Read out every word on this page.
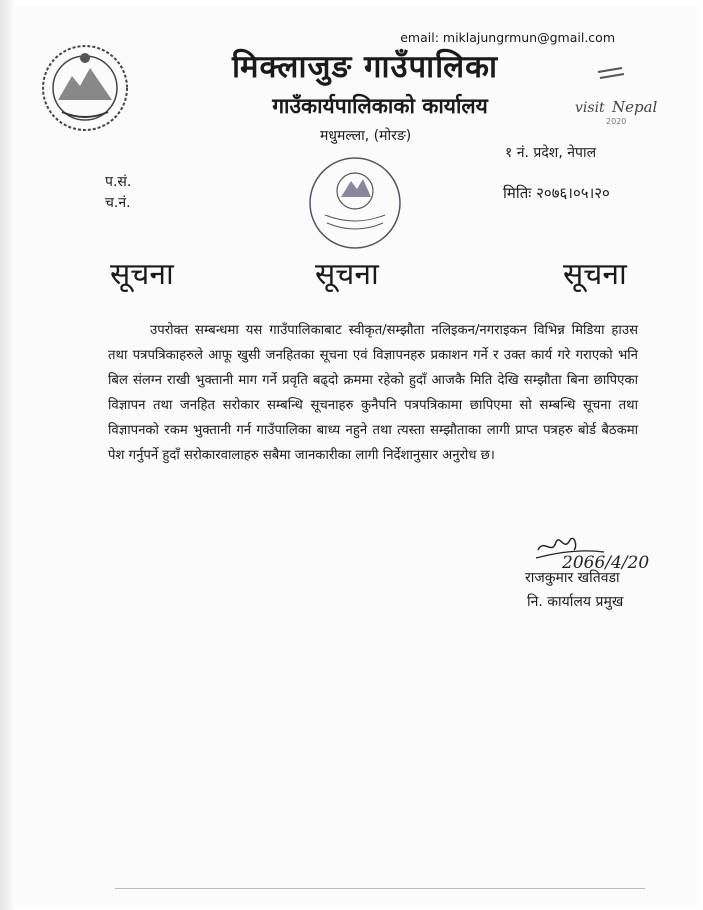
email: miklajungrmun@gmail.com
मिक्लाजुङ गाउँपालिका
गाउँकार्यपालिकाको कार्यालय
मधुमल्ला, (मोरङ)
१ नं. प्रदेश, नेपाल
visit Nepal
2020
प.सं.
च.नं.
मितिः २०७६।०५।२०
सूचना	सूचना	सूचना
उपरोक्त सम्बन्धमा यस गाउँपालिकाबाट स्वीकृत/सम्झौता नलिइकन/नगराइकन विभिन्न मिडिया हाउस तथा पत्रपत्रिकाहरुले आफू खुसी जनहितका सूचना एवं विज्ञापनहरु प्रकाशन गर्ने र उक्त कार्य गरे गराएको भनि बिल संलग्न राखी भुक्तानी माग गर्ने प्रवृति बढ्दो क्रममा रहेको हुदाँ आजकै मिति देखि सम्झौता बिना छापिएका विज्ञापन तथा जनहित सरोकार सम्बन्धि सूचनाहरु कुनैपनि पत्रपत्रिकामा छापिएमा सो सम्बन्धि सूचना तथा विज्ञापनको रकम भुक्तानी गर्न गाउँपालिका बाध्य नहुने तथा त्यस्ता सम्झौताका लागी प्राप्त पत्रहरु बोर्ड बैठकमा पेश गर्नुपर्ने हुदाँ सरोकारवालाहरु सबैमा जानकारीका लागी निर्देशानुसार अनुरोध छ।
2066/4/20
राजकुमार खतिवडा
नि. कार्यालय प्रमुख
